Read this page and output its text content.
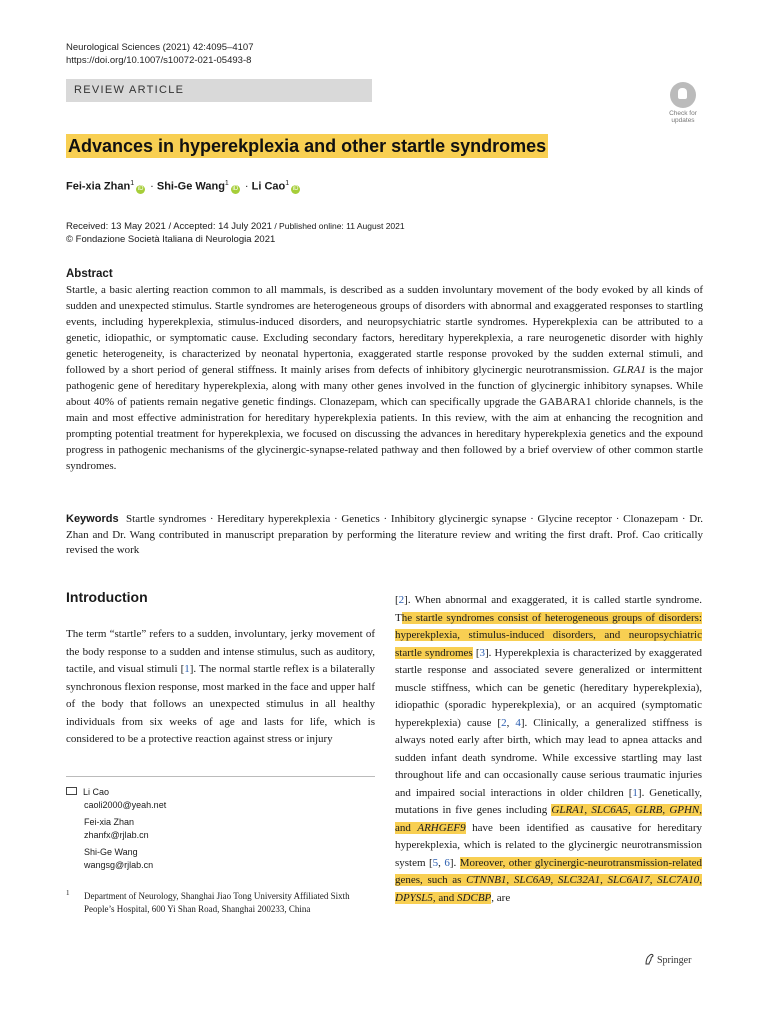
Neurological Sciences (2021) 42:4095–4107
https://doi.org/10.1007/s10072-021-05493-8
REVIEW ARTICLE
Check for updates
Advances in hyperekplexia and other startle syndromes
Fei-xia Zhan$^1$iD · Shi-Ge Wang$^1$iD · Li Cao$^1$iD
Received: 13 May 2021 / Accepted: 14 July 2021 / Published online: 11 August 2021
© Fondazione Società Italiana di Neurologia 2021
Abstract
Startle, a basic alerting reaction common to all mammals, is described as a sudden involuntary movement of the body evoked by all kinds of sudden and unexpected stimulus. Startle syndromes are heterogeneous groups of disorders with abnormal and exaggerated responses to startling events, including hyperekplexia, stimulus-induced disorders, and neuropsychiatric startle syndromes. Hyperekplexia can be attributed to a genetic, idiopathic, or symptomatic cause. Excluding secondary factors, hereditary hyperekplexia, a rare neurogenetic disorder with highly genetic heterogeneity, is characterized by neonatal hypertonia, exaggerated startle response provoked by the sudden external stimuli, and followed by a short period of general stiffness. It mainly arises from defects of inhibitory glycinergic neurotransmission. GLRA1 is the major pathogenic gene of hereditary hyperekplexia, along with many other genes involved in the function of glycinergic inhibitory synapses. While about 40% of patients remain negative genetic findings. Clonazepam, which can specifically upgrade the GABARA1 chloride channels, is the main and most effective administration for hereditary hyperekplexia patients. In this review, with the aim at enhancing the recognition and prompting potential treatment for hyperekplexia, we focused on discussing the advances in hereditary hyperekplexia genetics and the expound progress in pathogenic mechanisms of the glycinergic-synapse-related pathway and then followed by a brief overview of other common startle syndromes.
Keywords Startle syndromes · Hereditary hyperekplexia · Genetics · Inhibitory glycinergic synapse · Glycine receptor · Clonazepam · Dr. Zhan and Dr. Wang contributed in manuscript preparation by performing the literature review and writing the first draft. Prof. Cao critically revised the work
Introduction
The term “startle” refers to a sudden, involuntary, jerky movement of the body response to a sudden and intense stimulus, such as auditory, tactile, and visual stimuli [1]. The normal startle reflex is a bilaterally synchronous flexion response, most marked in the face and upper half of the body that follows an unexpected stimulus in all healthy individuals from six weeks of age and lasts for life, which is considered to be a protective reaction against stress or injury
[2]. When abnormal and exaggerated, it is called startle syndrome. The startle syndromes consist of heterogeneous groups of disorders: hyperekplexia, stimulus-induced disorders, and neuropsychiatric startle syndromes [3]. Hyperekplexia is characterized by exaggerated startle response and associated severe generalized or intermittent muscle stiffness, which can be genetic (hereditary hyperekplexia), idiopathic (sporadic hyperekplexia), or an acquired (symptomatic hyperekplexia) cause [2, 4]. Clinically, a generalized stiffness is always noted early after birth, which may lead to apnea attacks and sudden infant death syndrome. While excessive startling may last throughout life and can occasionally cause serious traumatic injuries and impaired social interactions in older children [1]. Genetically, mutations in five genes including GLRA1, SLC6A5, GLRB, GPHN, and ARHGEF9 have been identified as causative for hereditary hyperekplexia, which is related to the glycinergic neurotransmission system [5, 6]. Moreover, other glycinergic-neurotransmission-related genes, such as CTNNB1, SLC6A9, SLC32A1, SLC6A17, SLC7A10, DPYSL5, and SDCBP, are
Li Cao
caoli2000@yeah.net
Fei-xia Zhan
zhanfx@rjlab.cn
Shi-Ge Wang
wangsg@rjlab.cn
1 Department of Neurology, Shanghai Jiao Tong University Affiliated Sixth People’s Hospital, 600 Yi Shan Road, Shanghai 200233, China
Springer
